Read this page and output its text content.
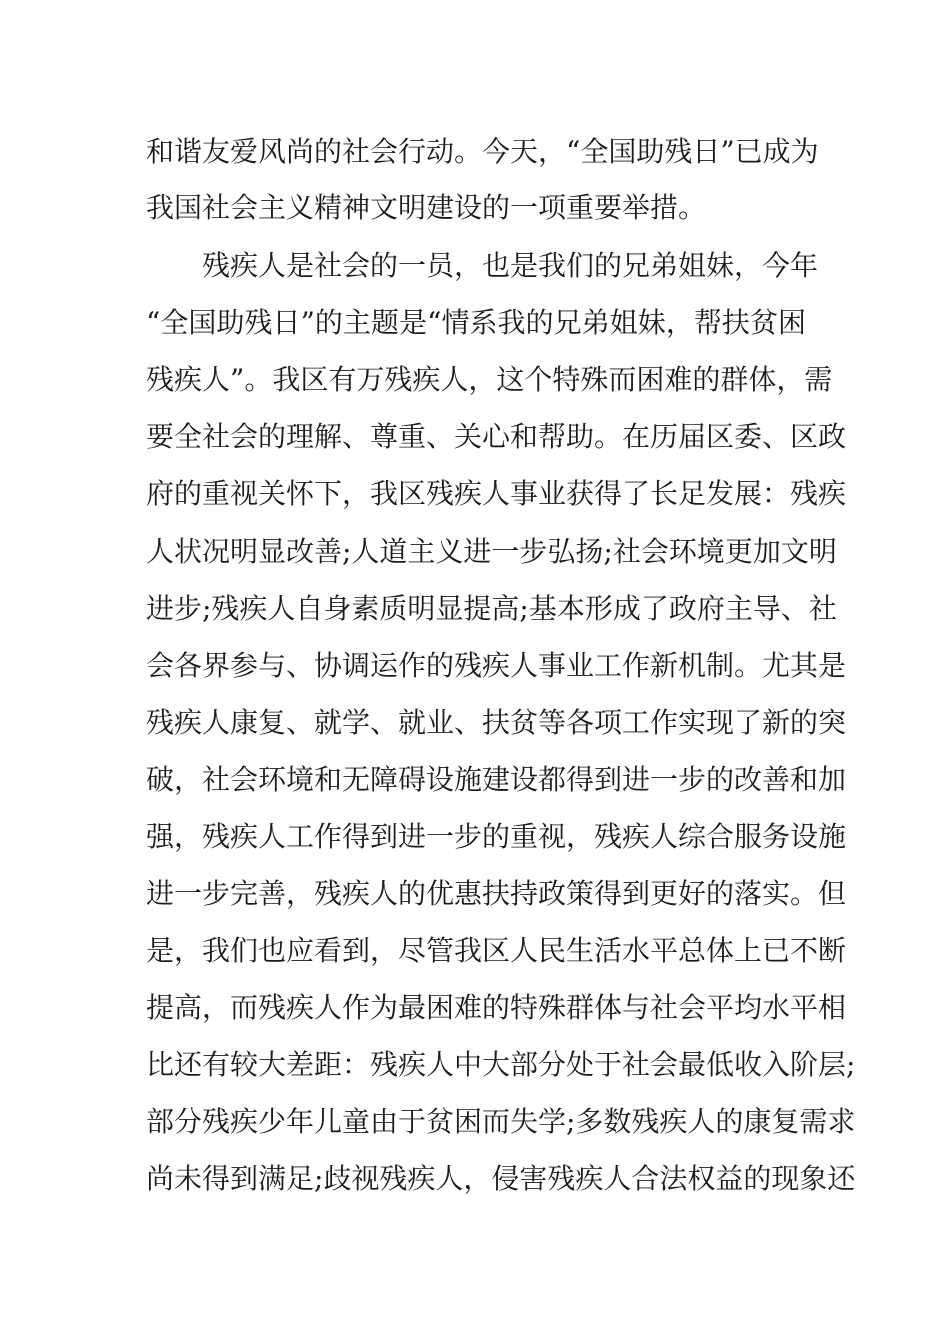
和谐友爱风尚的社会行动。今天，“全国助残日”已成为
我国社会主义精神文明建设的一项重要举措。
残疾人是社会的一员，也是我们的兄弟姐妹，今年
“全国助残日”的主题是“情系我的兄弟姐妹，帮扶贫困
残疾人”。我区有万残疾人，这个特殊而困难的群体，需
要全社会的理解、尊重、关心和帮助。在历届区委、区政
府的重视关怀下，我区残疾人事业获得了长足发展：残疾
人状况明显改善;人道主义进一步弘扬;社会环境更加文明
进步;残疾人自身素质明显提高;基本形成了政府主导、社
会各界参与、协调运作的残疾人事业工作新机制。尤其是
残疾人康复、就学、就业、扶贫等各项工作实现了新的突
破，社会环境和无障碍设施建设都得到进一步的改善和加
强，残疾人工作得到进一步的重视，残疾人综合服务设施
进一步完善，残疾人的优惠扶持政策得到更好的落实。但
是，我们也应看到，尽管我区人民生活水平总体上已不断
提高，而残疾人作为最困难的特殊群体与社会平均水平相
比还有较大差距：残疾人中大部分处于社会最低收入阶层;
部分残疾少年儿童由于贫困而失学;多数残疾人的康复需求
尚未得到满足;歧视残疾人，侵害残疾人合法权益的现象还
